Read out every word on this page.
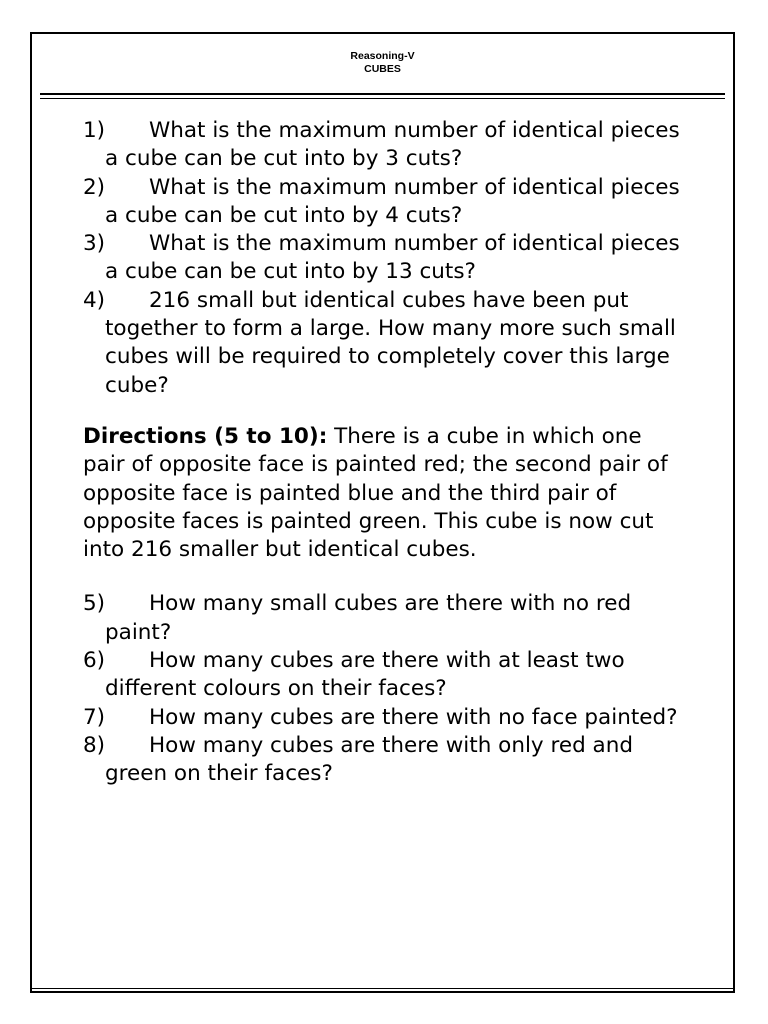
Reasoning-V
CUBES

1) What is the maximum number of identical pieces a cube can be cut into by 3 cuts?

2) What is the maximum number of identical pieces a cube can be cut into by 4 cuts?

3) What is the maximum number of identical pieces a cube can be cut into by 13 cuts?

4) 216 small but identical cubes have been put together to form a large. How many more such small cubes will be required to completely cover this large cube?

Directions (5 to 10): There is a cube in which one pair of opposite face is painted red; the second pair of opposite face is painted blue and the third pair of opposite faces is painted green. This cube is now cut into 216 smaller but identical cubes.

5) How many small cubes are there with no red paint?

6) How many cubes are there with at least two different colours on their faces?

7) How many cubes are there with no face painted?

8) How many cubes are there with only red and green on their faces?
